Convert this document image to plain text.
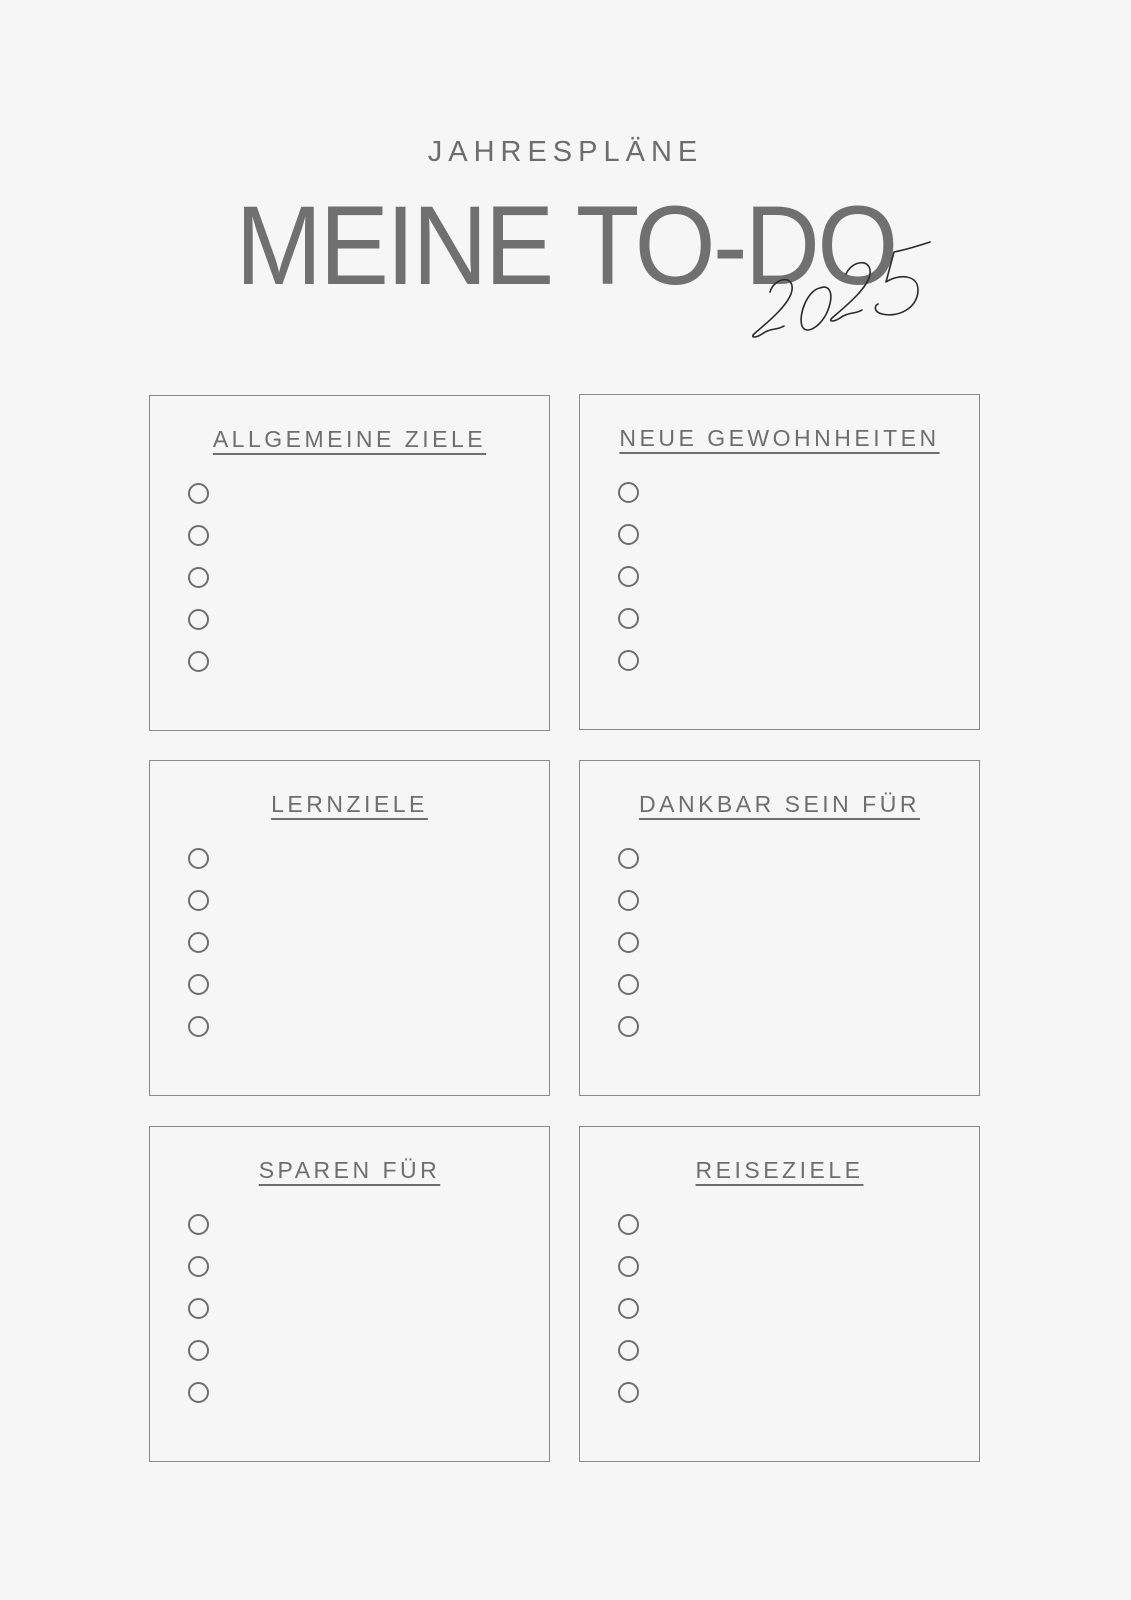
JAHRESPLÄNE
MEINE TO-DO
ALLGEMEINE ZIELE	NEUE GEWOHNHEITEN
LERNZIELE	DANKBAR SEIN FÜR
SPAREN FÜR	REISEZIELE
